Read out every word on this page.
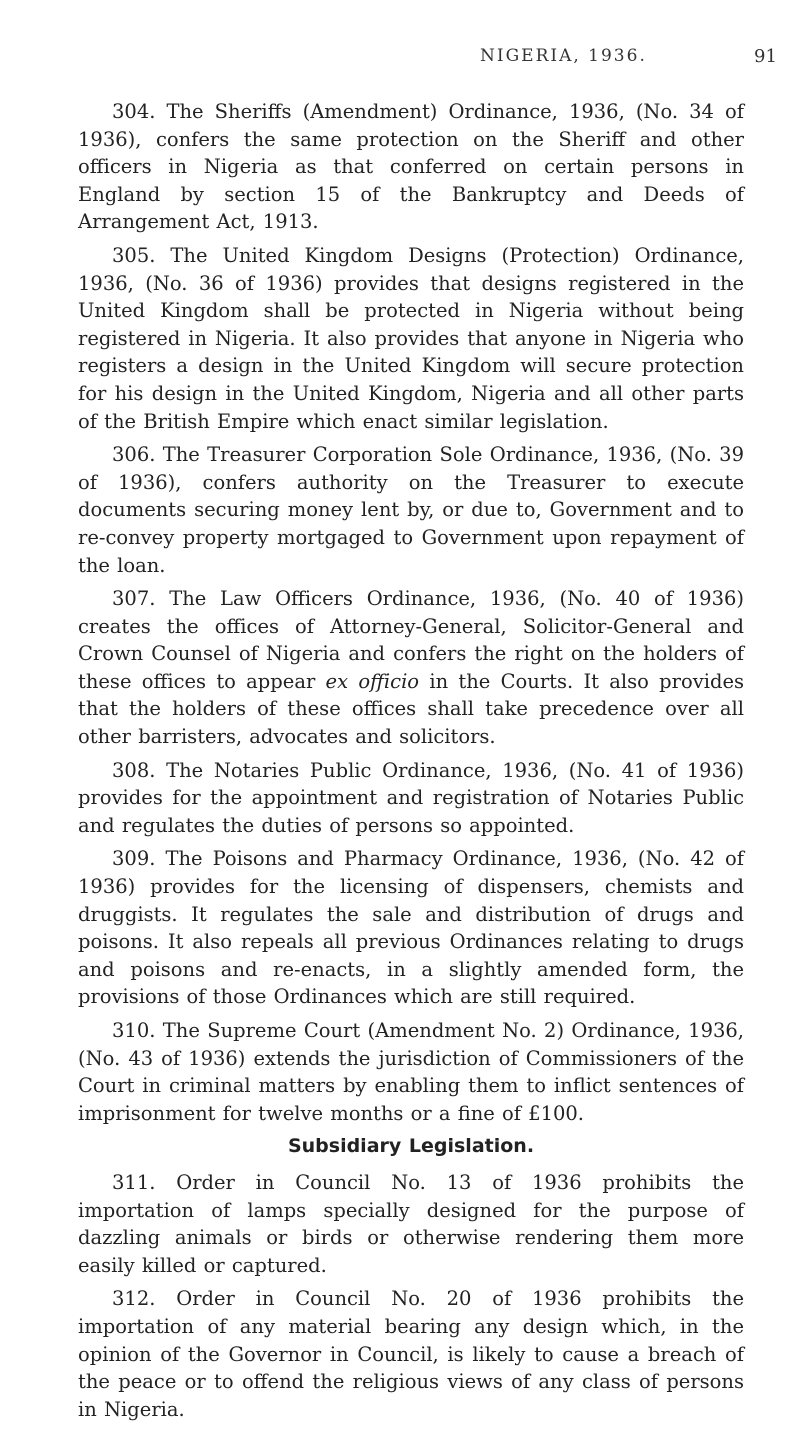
NIGERIA, 1936.	91

304. The Sheriffs (Amendment) Ordinance, 1936, (No. 34 of 1936), confers the same protection on the Sheriff and other officers in Nigeria as that conferred on certain persons in England by section 15 of the Bankruptcy and Deeds of Arrangement Act, 1913.

305. The United Kingdom Designs (Protection) Ordinance, 1936, (No. 36 of 1936) provides that designs registered in the United Kingdom shall be protected in Nigeria without being registered in Nigeria. It also provides that anyone in Nigeria who registers a design in the United Kingdom will secure protection for his design in the United Kingdom, Nigeria and all other parts of the British Empire which enact similar legislation.

306. The Treasurer Corporation Sole Ordinance, 1936, (No. 39 of 1936), confers authority on the Treasurer to execute documents securing money lent by, or due to, Government and to re-convey property mortgaged to Government upon repayment of the loan.

307. The Law Officers Ordinance, 1936, (No. 40 of 1936) creates the offices of Attorney-General, Solicitor-General and Crown Counsel of Nigeria and confers the right on the holders of these offices to appear ex officio in the Courts. It also provides that the holders of these offices shall take precedence over all other barristers, advocates and solicitors.

308. The Notaries Public Ordinance, 1936, (No. 41 of 1936) provides for the appointment and registration of Notaries Public and regulates the duties of persons so appointed.

309. The Poisons and Pharmacy Ordinance, 1936, (No. 42 of 1936) provides for the licensing of dispensers, chemists and druggists. It regulates the sale and distribution of drugs and poisons. It also repeals all previous Ordinances relating to drugs and poisons and re-enacts, in a slightly amended form, the provisions of those Ordinances which are still required.

310. The Supreme Court (Amendment No. 2) Ordinance, 1936, (No. 43 of 1936) extends the jurisdiction of Commissioners of the Court in criminal matters by enabling them to inflict sentences of imprisonment for twelve months or a fine of £100.

Subsidiary Legislation.

311. Order in Council No. 13 of 1936 prohibits the importation of lamps specially designed for the purpose of dazzling animals or birds or otherwise rendering them more easily killed or captured.

312. Order in Council No. 20 of 1936 prohibits the importation of any material bearing any design which, in the opinion of the Governor in Council, is likely to cause a breach of the peace or to offend the religious views of any class of persons in Nigeria.
